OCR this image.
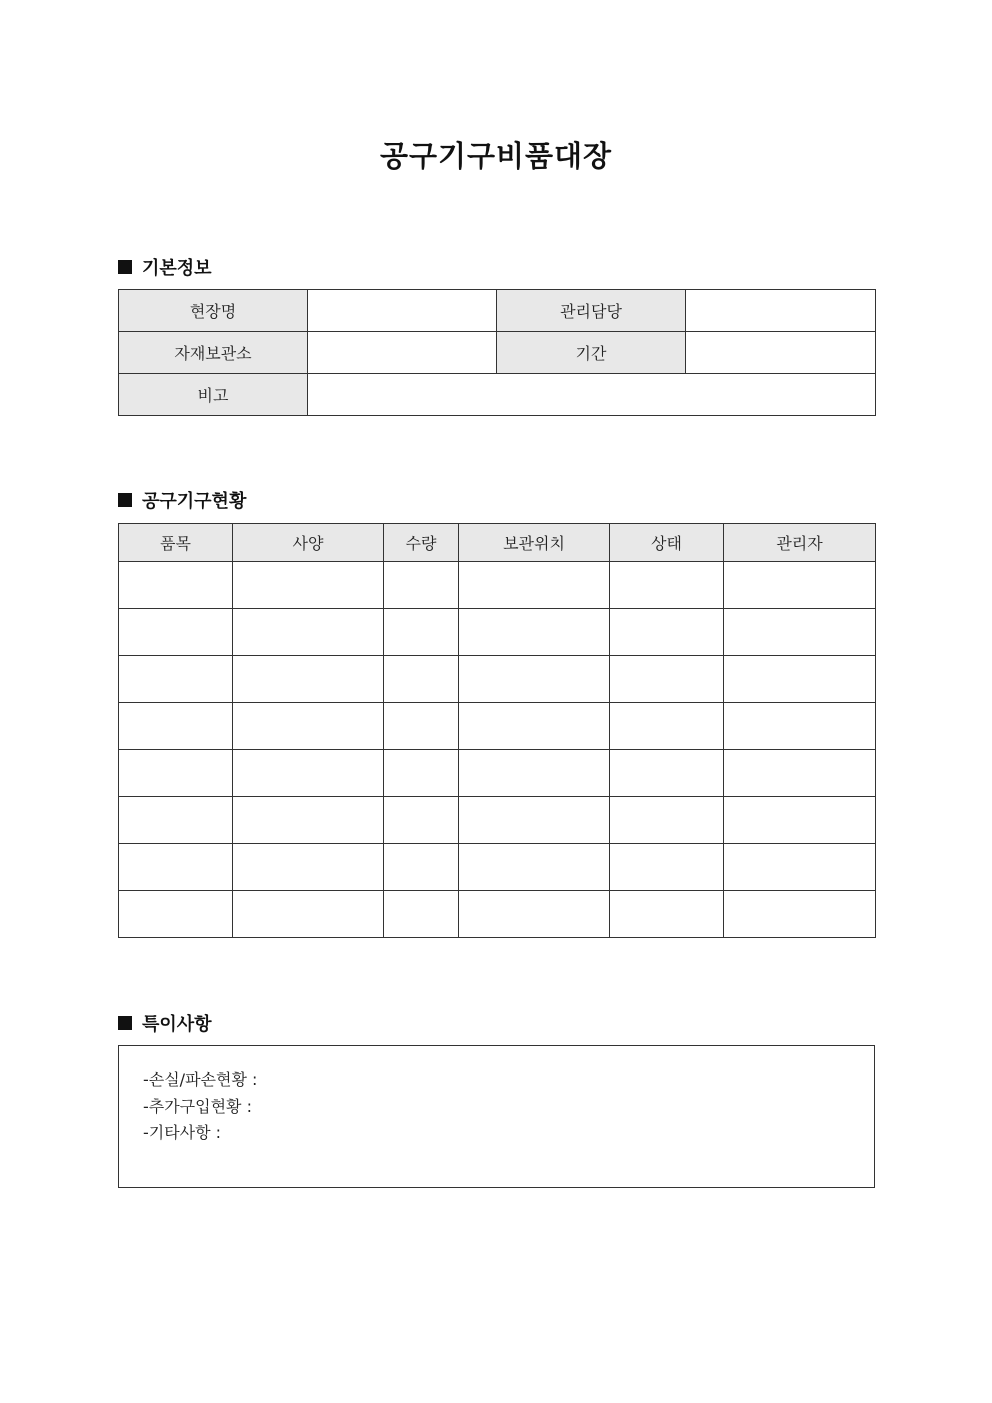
공구기구비품대장
기본정보
현장명		관리담당	
자재보관소		기간	
비고			
공구기구현황
품목	사양	수량	보관위치	상태	관리자

특이사항
-손실/파손현황 :
-추가구입현황 :
-기타사항 :
